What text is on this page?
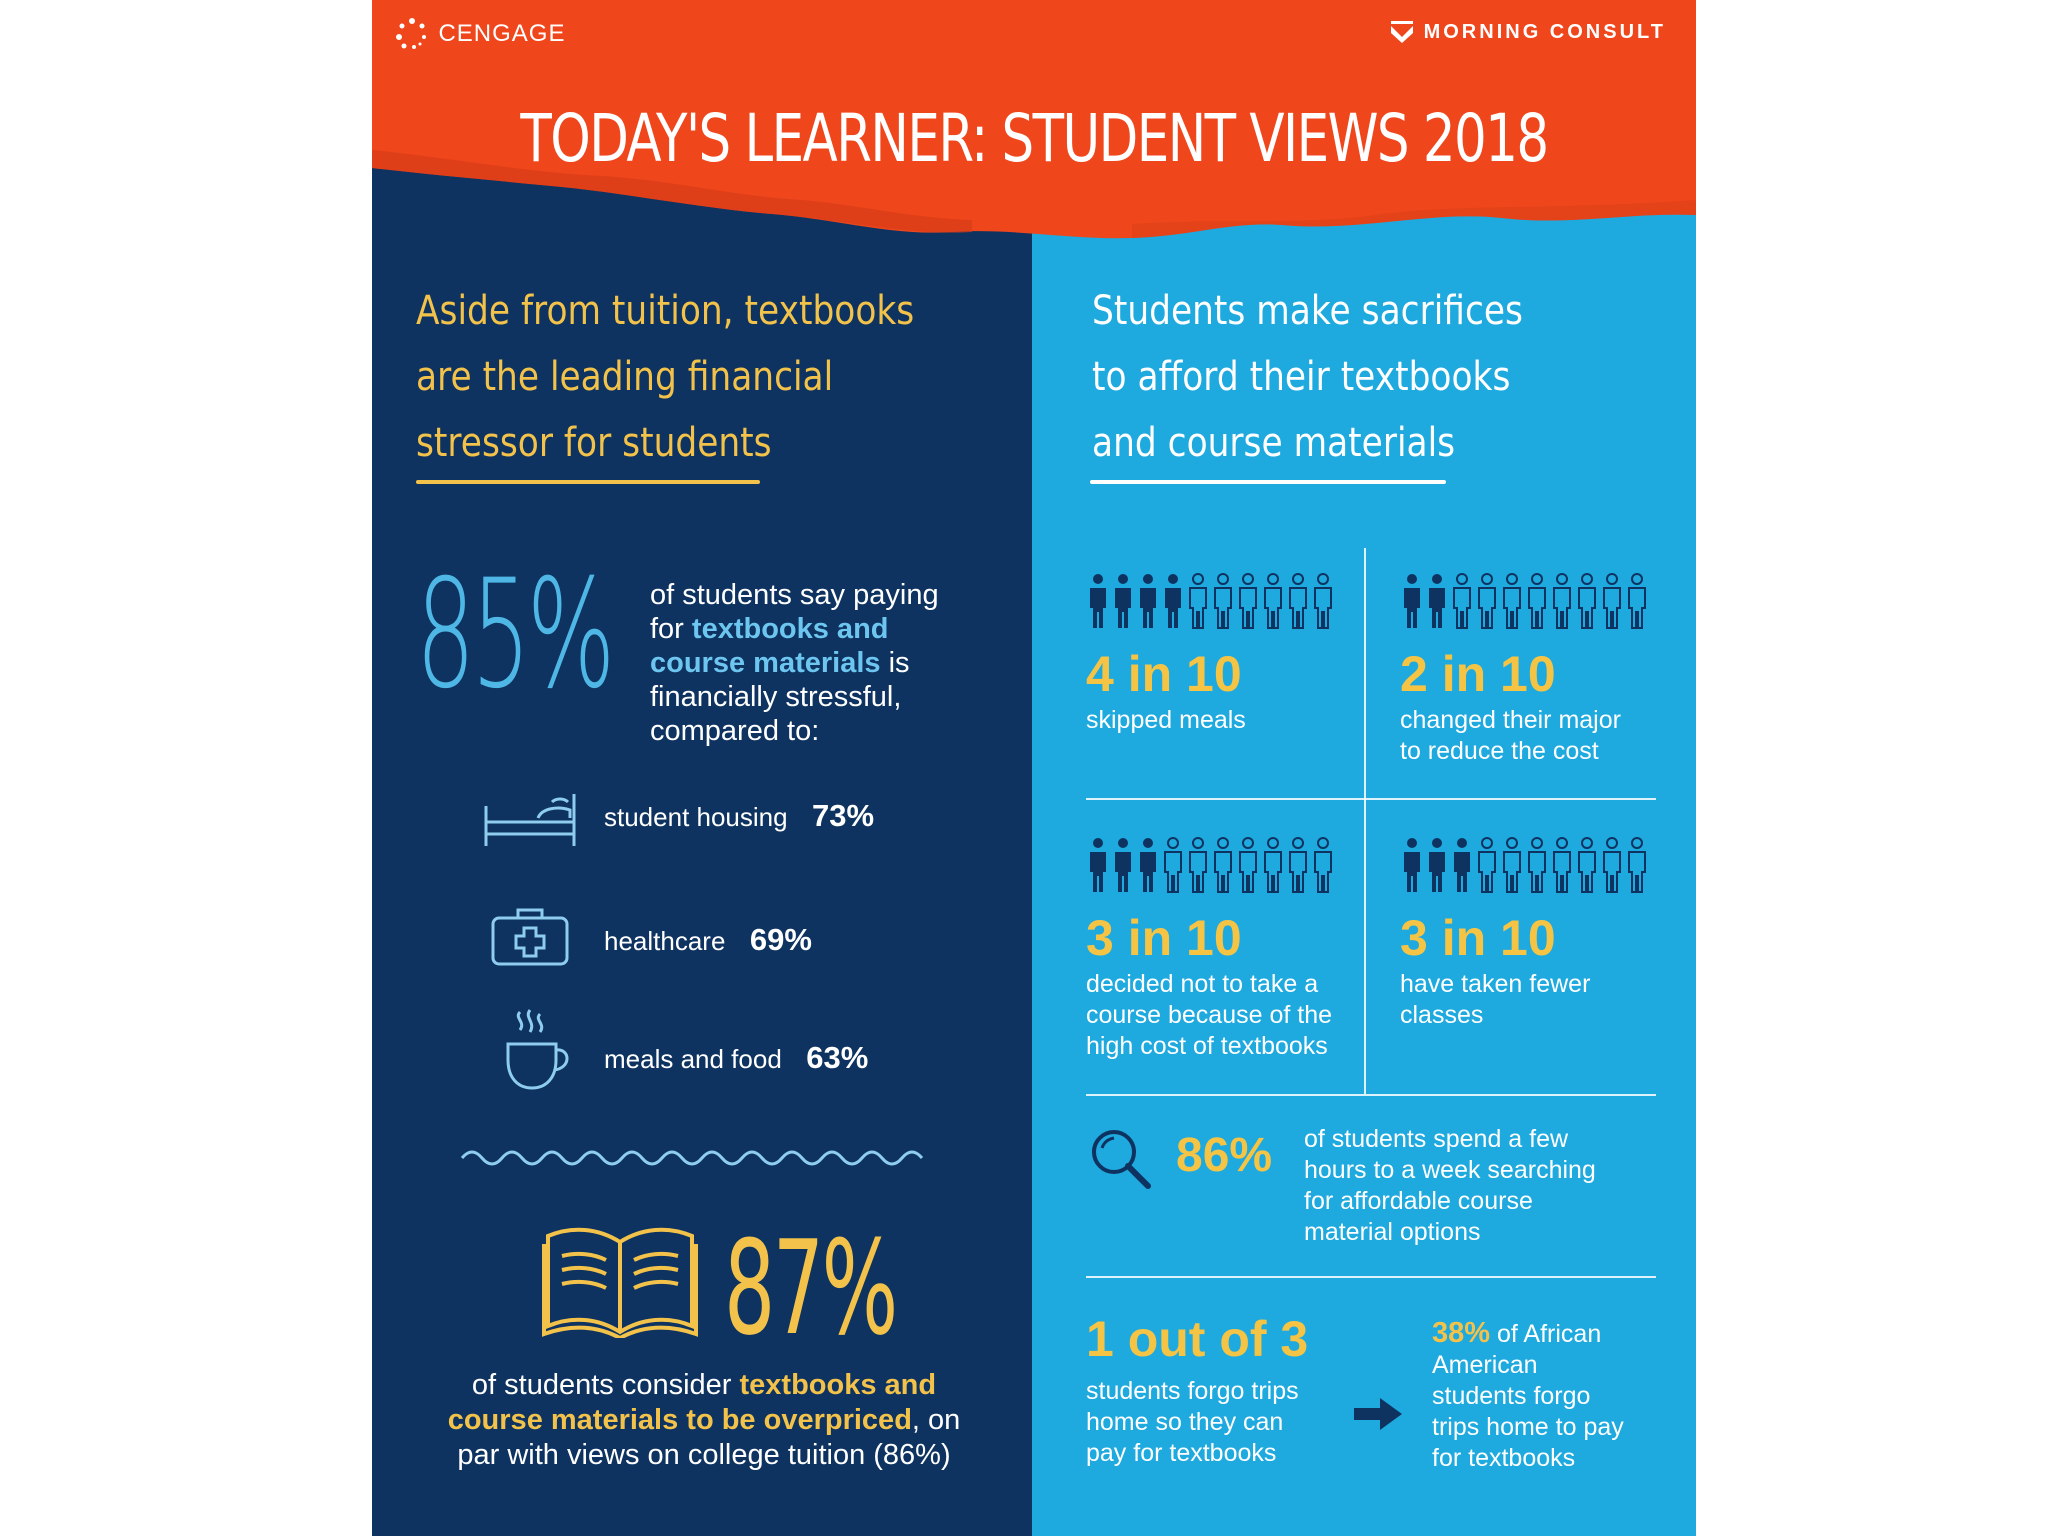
CENGAGE	MORNING CONSULT
TODAY'S LEARNER: STUDENT VIEWS 2018
Aside from tuition, textbooks
are the leading financial
stressor for students
85% of students say paying
for textbooks and
course materials is
financially stressful,
compared to:
student housing 73%
healthcare 69%
meals and food 63%
87%
of students consider textbooks and
course materials to be overpriced, on
par with views on college tuition (86%)
Students make sacrifices
to afford their textbooks
and course materials
4 in 10
skipped meals
2 in 10
changed their major
to reduce the cost
3 in 10
decided not to take a
course because of the
high cost of textbooks
3 in 10
have taken fewer
classes
86% of students spend a few
hours to a week searching
for affordable course
material options
1 out of 3
students forgo trips
home so they can
pay for textbooks
38% of African
American
students forgo
trips home to pay
for textbooks
